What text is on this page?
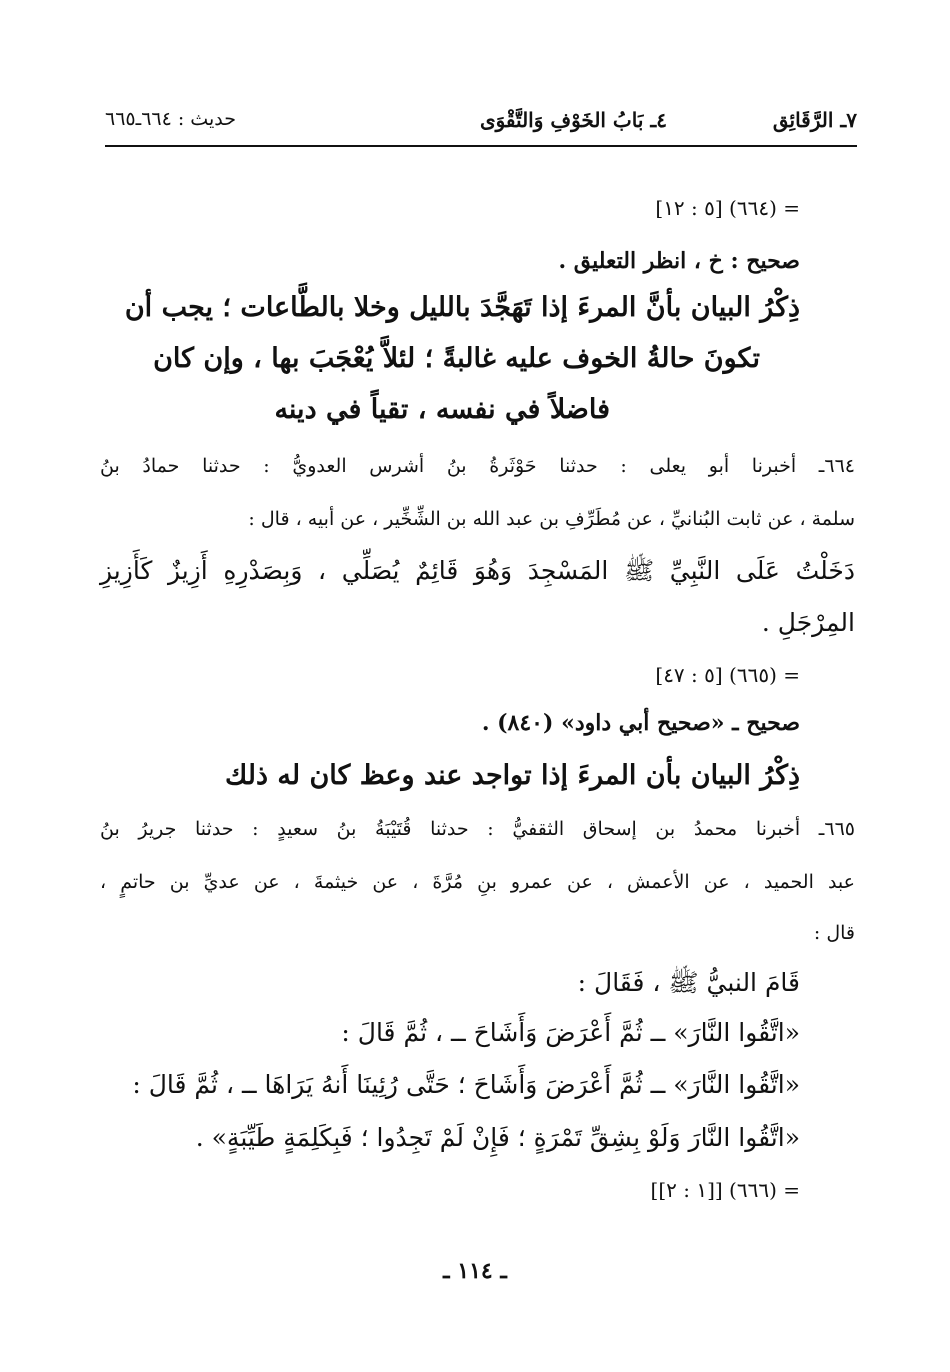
٧ـ الرَّقَائِق
٤ـ بَابُ الخَوْفِ وَالتَّقْوَى
حديث : ٦٦٤ـ٦٦٥
= (٦٦٤) [٥ : ١٢]
صحيح : خ ، انظر التعليق .
ذِكْرُ البيان بأنَّ المرءَ إذا تَهَجَّدَ بالليل وخلا بالطَّاعات ؛ يجب أن
تكونَ حالةُ الخوف عليه غالبةً ؛ لئلاَّ يُعْجَبَ بها ، وإن كان
فاضلاً في نفسه ، تقياً في دينه
٦٦٤ـ أخبرنا أبو يعلى : حدثنا حَوْثَرةُ بنُ أشرس العدويُّ : حدثنا حمادُ بنُ
سلمة ، عن ثابت البُنانيِّ ، عن مُطَرِّفِ بن عبد الله بن الشِّخِّير ، عن أبيه ، قال :
دَخَلْتُ عَلَى النَّبِيِّ ﷺ المَسْجِدَ وَهُوَ قَائِمٌ يُصَلِّي ، وَبِصَدْرِهِ أَزِيزٌ كَأَزِيزِ
المِرْجَلِ .
= (٦٦٥) [٥ : ٤٧]
صحيح ـ «صحيح أبي داود» (٨٤٠) .
ذِكْرُ البيان بأن المرءَ إذا تواجد عند وعظ كان له ذلك
٦٦٥ـ أخبرنا محمدُ بن إسحاق الثقفيُّ : حدثنا قُتَيْبَةُ بنُ سعيدٍ : حدثنا جريرُ بنُ
عبد الحميد ، عن الأعمش ، عن عمرو بنِ مُرَّةَ ، عن خيثمةَ ، عن عديِّ بن حاتمٍ ،
قال :
قَامَ النبيُّ ﷺ ، فَقَالَ :
«اتَّقُوا النَّارَ» ــ ثُمَّ أَعْرَضَ وَأَشَاحَ ــ ، ثُمَّ قَالَ :
«اتَّقُوا النَّارَ» ــ ثُمَّ أَعْرَضَ وَأَشَاحَ ؛ حَتَّى رُئِينَا أَنهُ يَرَاهَا ــ ، ثُمَّ قَالَ :
«اتَّقُوا النَّارَ وَلَوْ بِشِقِّ تَمْرَةٍ ؛ فَإِنْ لَمْ تَجِدُوا ؛ فَبِكَلِمَةٍ طَيِّبَةٍ» .
= (٦٦٦) [[١ : ٢]]
ـ ١١٤ ـ
